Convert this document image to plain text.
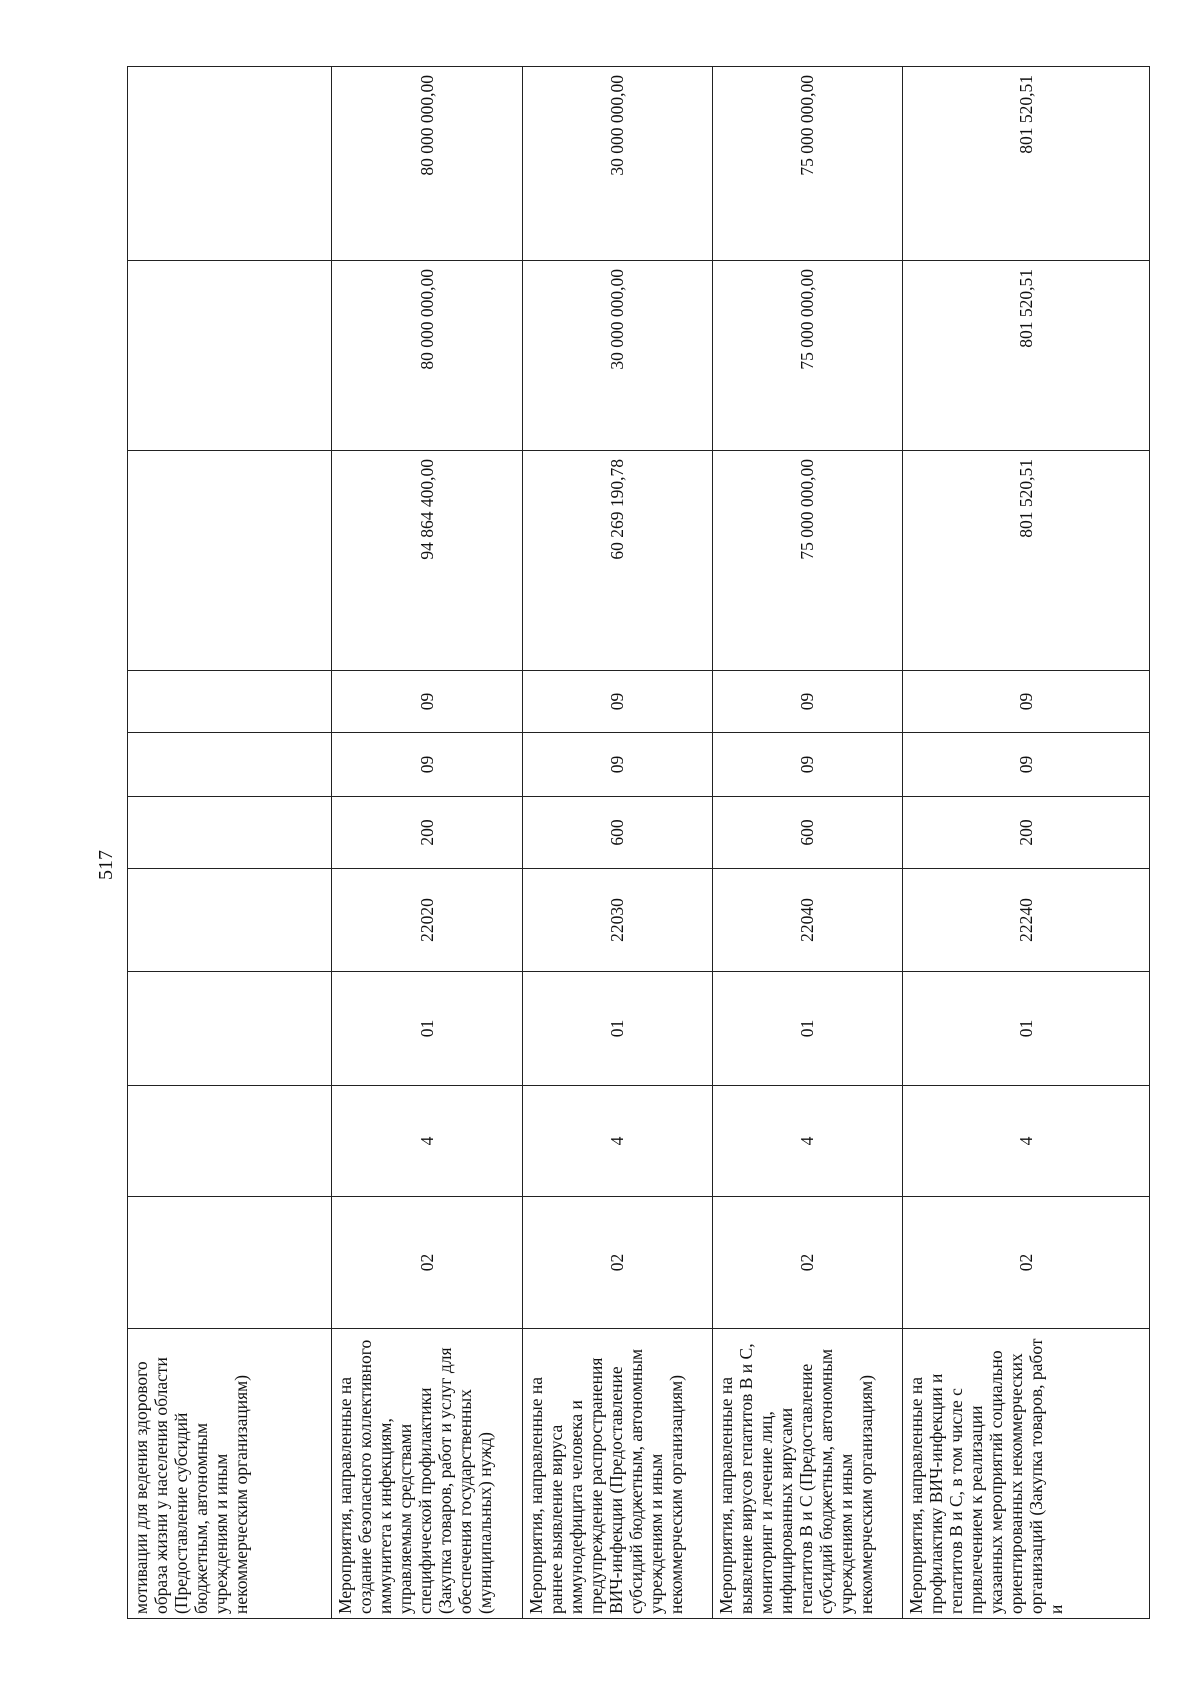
517
мотивации для ведения здорового образа жизни у населения области (Предоставление субсидий бюджетным, автономным учреждениям и иным некоммерческим организациям)										
Мероприятия, направленные на создание безопасного коллективного иммунитета к инфекциям, управляемым средствами специфической профилактики (Закупка товаров, работ и услуг для обеспечения государственных (муниципальных) нужд)	02	4	01	22020	200	09	09	94 864 400,00	80 000 000,00	80 000 000,00
Мероприятия, направленные на раннее выявление вируса иммунодефицита человека и предупреждение распространения ВИЧ-инфекции (Предоставление субсидий бюджетным, автономным учреждениям и иным некоммерческим организациям)	02	4	01	22030	600	09	09	60 269 190,78	30 000 000,00	30 000 000,00
Мероприятия, направленные на выявление вирусов гепатитов В и С, мониторинг и лечение лиц, инфицированных вирусами гепатитов В и С (Предоставление субсидий бюджетным, автономным учреждениям и иным некоммерческим организациям)	02	4	01	22040	600	09	09	75 000 000,00	75 000 000,00	75 000 000,00
Мероприятия, направленные на профилактику ВИЧ-инфекции и гепатитов В и С, в том числе с привлечением к реализации указанных мероприятий социально ориентированных некоммерческих организаций (Закупка товаров, работ и	02	4	01	22240	200	09	09	801 520,51	801 520,51	801 520,51
